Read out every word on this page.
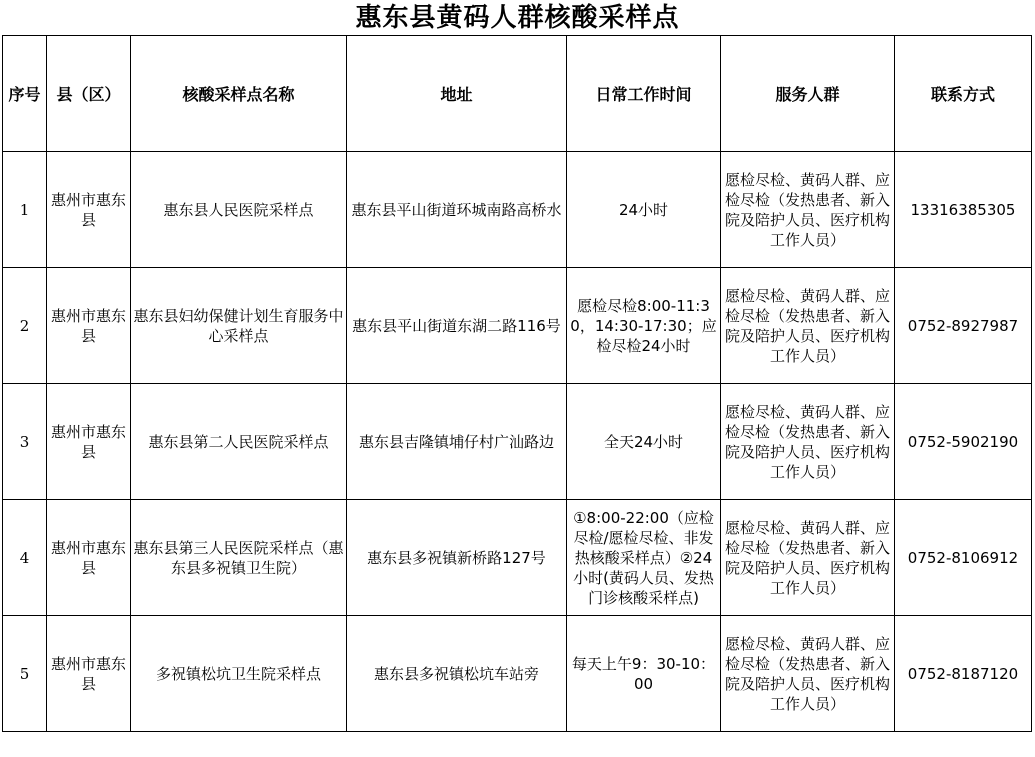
惠东县黄码人群核酸采样点
序号	县（区）	核酸采样点名称	地址	日常工作时间	服务人群	联系方式
1	惠州市惠东县	惠东县人民医院采样点	惠东县平山街道环城南路高桥水	24小时	愿检尽检、黄码人群、应检尽检（发热患者、新入院及陪护人员、医疗机构工作人员）	13316385305
2	惠州市惠东县	惠东县妇幼保健计划生育服务中心采样点	惠东县平山街道东湖二路116号	愿检尽检8:00-11:30，14:30-17:30；应检尽检24小时	愿检尽检、黄码人群、应检尽检（发热患者、新入院及陪护人员、医疗机构工作人员）	0752-8927987
3	惠州市惠东县	惠东县第二人民医院采样点	惠东县吉隆镇埔仔村广汕路边	全天24小时	愿检尽检、黄码人群、应检尽检（发热患者、新入院及陪护人员、医疗机构工作人员）	0752-5902190
4	惠州市惠东县	惠东县第三人民医院采样点（惠东县多祝镇卫生院）	惠东县多祝镇新桥路127号	①8:00-22:00（应检尽检/愿检尽检、非发热核酸采样点）②24小时(黄码人员、发热门诊核酸采样点)	愿检尽检、黄码人群、应检尽检（发热患者、新入院及陪护人员、医疗机构工作人员）	0752-8106912
5	惠州市惠东县	多祝镇松坑卫生院采样点	惠东县多祝镇松坑车站旁	每天上午9：30-10：00	愿检尽检、黄码人群、应检尽检（发热患者、新入院及陪护人员、医疗机构工作人员）	0752-8187120
